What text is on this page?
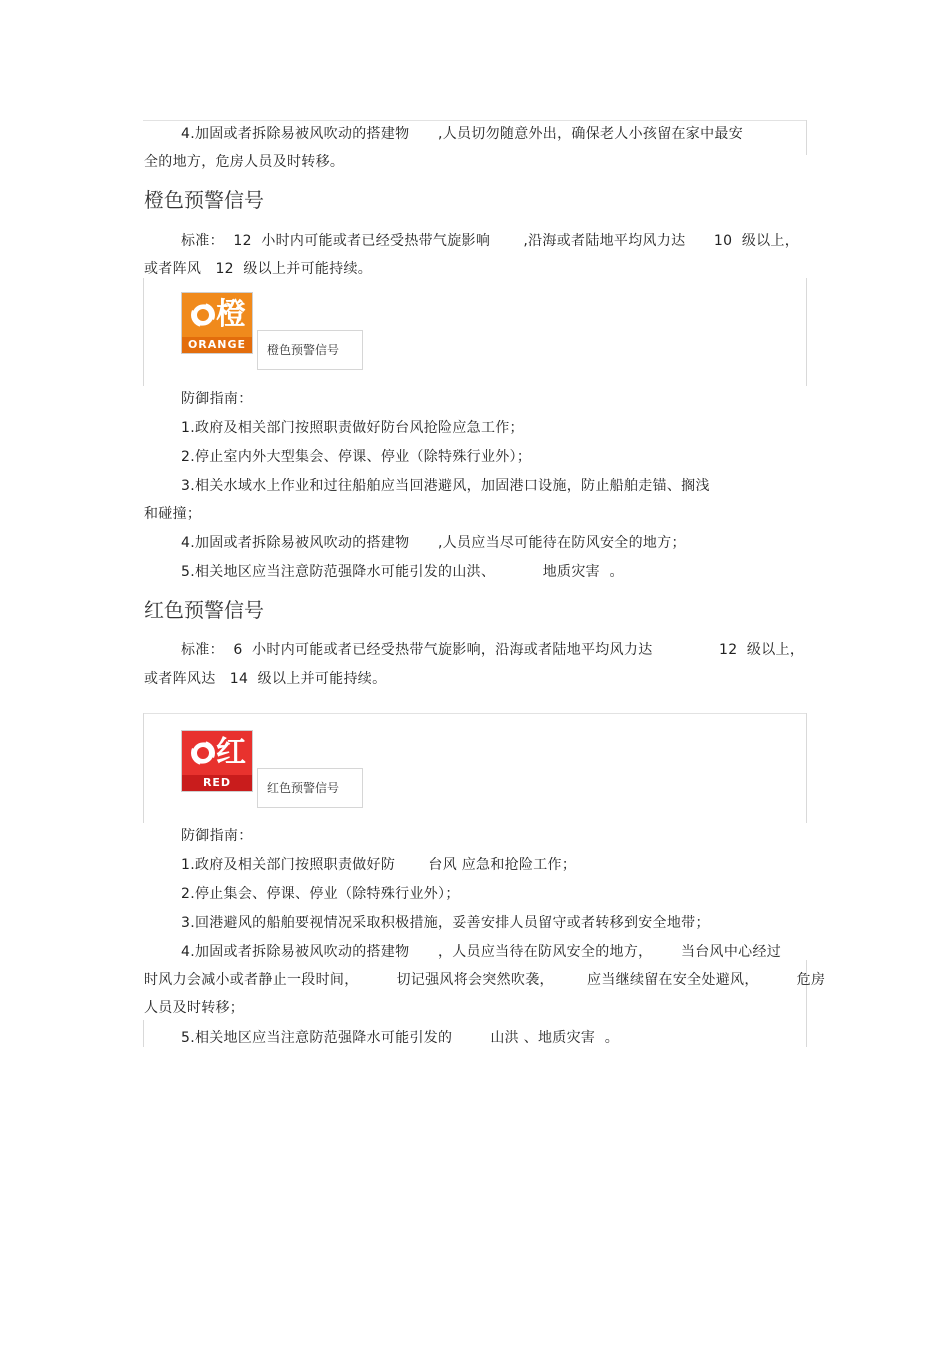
4.加固或者拆除易被风吹动的搭建物      ,人员切勿随意外出，确保老人小孩留在家中最安

全的地方，危房人员及时转移。

橙色预警信号

标准：  12  小时内可能或者已经受热带气旋影响       ,沿海或者陆地平均风力达      10  级以上，

或者阵风   12  级以上并可能持续。

橙
ORANGE	橙色预警信号

防御指南：

1.政府及相关部门按照职责做好防台风抢险应急工作；

2.停止室内外大型集会、停课、停业（除特殊行业外）；

3.相关水域水上作业和过往船舶应当回港避风，加固港口设施，防止船舶走锚、搁浅

和碰撞；

4.加固或者拆除易被风吹动的搭建物      ,人员应当尽可能待在防风安全的地方；

5.相关地区应当注意防范强降水可能引发的山洪、          地质灾害  。

红色预警信号

标准：  6  小时内可能或者已经受热带气旋影响，沿海或者陆地平均风力达              12  级以上，

或者阵风达   14  级以上并可能持续。

红
RED	红色预警信号

防御指南：

1.政府及相关部门按照职责做好防       台风 应急和抢险工作；

2.停止集会、停课、停业（除特殊行业外）；

3.回港避风的船舶要视情况采取积极措施，妥善安排人员留守或者转移到安全地带；

4.加固或者拆除易被风吹动的搭建物      ，人员应当待在防风安全的地方，      当台风中心经过

时风力会减小或者静止一段时间，        切记强风将会突然吹袭，       应当继续留在安全处避风，        危房

人员及时转移；

5.相关地区应当注意防范强降水可能引发的        山洪 、地质灾害  。
